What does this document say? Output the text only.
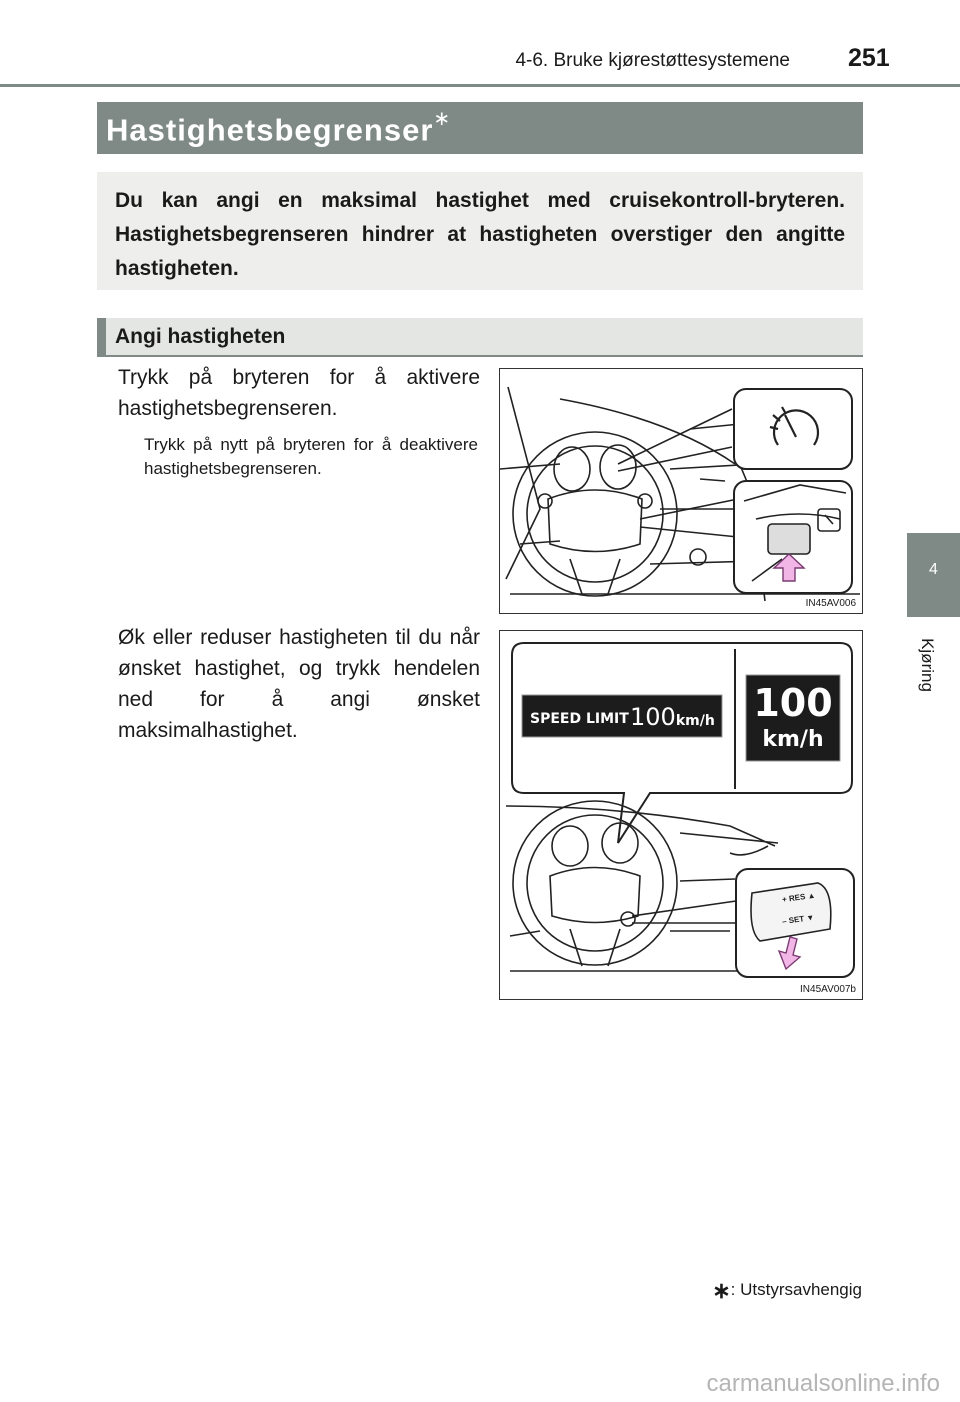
4-6. Bruke kjørestøttesystemene 251
4
Kjøring
Hastighetsbegrenser∗
Du kan angi en maksimal hastighet med cruisekontroll-bryteren. Hastighetsbegrenseren hindrer at hastigheten overstiger den angitte hastigheten.
Angi hastigheten
Trykk på bryteren for å aktivere hastighetsbegrenseren.
Trykk på nytt på bryteren for å deaktivere hastighetsbegrenseren.
IN45AV006
Øk eller reduser hastigheten til du når ønsket hastighet, og trykk hendelen ned for å angi ønsket maksimalhastighet.	SPEED LIMIT 100km/h 100
km/h
+ RES ▲
– SET ▼
IN45AV007b
∗: Utstyrsavhengig
carmanualsonline.info
